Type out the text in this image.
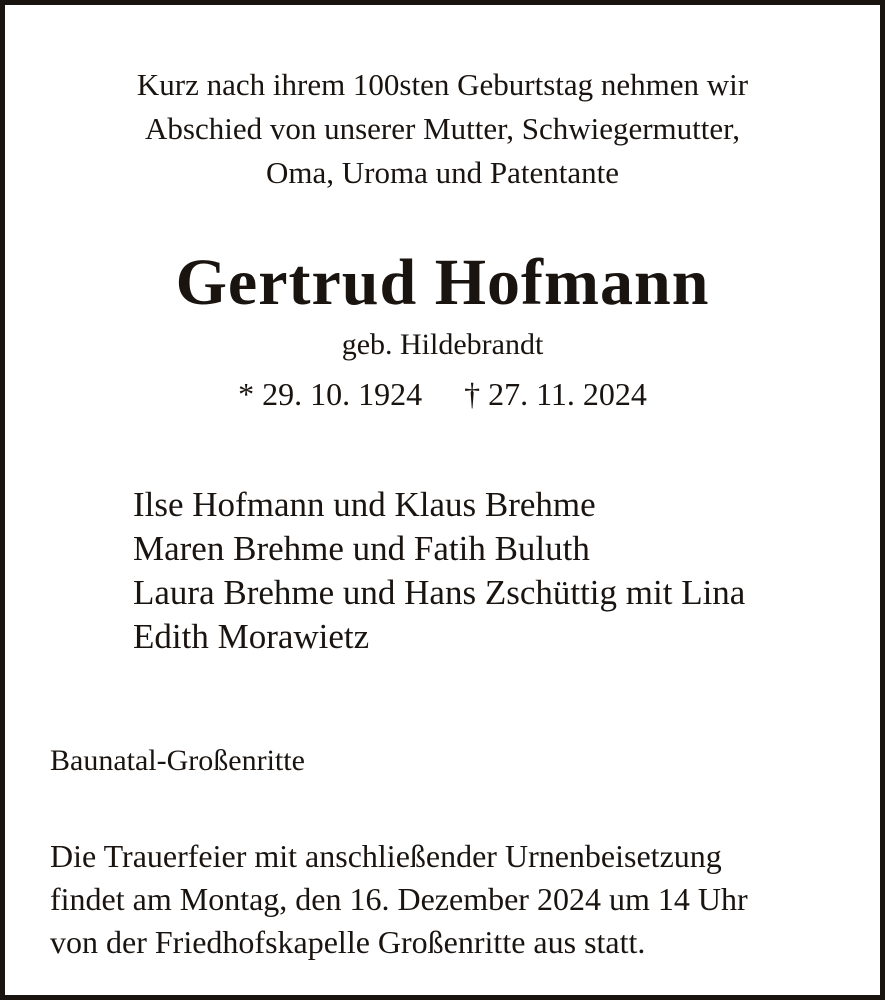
Kurz nach ihrem 100sten Geburtstag nehmen wir
Abschied von unserer Mutter, Schwiegermutter,
Oma, Uroma und Patentante
Gertrud Hofmann
geb. Hildebrandt
* 29. 10. 1924 † 27. 11. 2024
Ilse Hofmann und Klaus Brehme
Maren Brehme und Fatih Buluth
Laura Brehme und Hans Zschüttig mit Lina
Edith Morawietz
Baunatal-Großenritte
Die Trauerfeier mit anschließender Urnenbeisetzung
findet am Montag, den 16. Dezember 2024 um 14 Uhr
von der Friedhofskapelle Großenritte aus statt.
